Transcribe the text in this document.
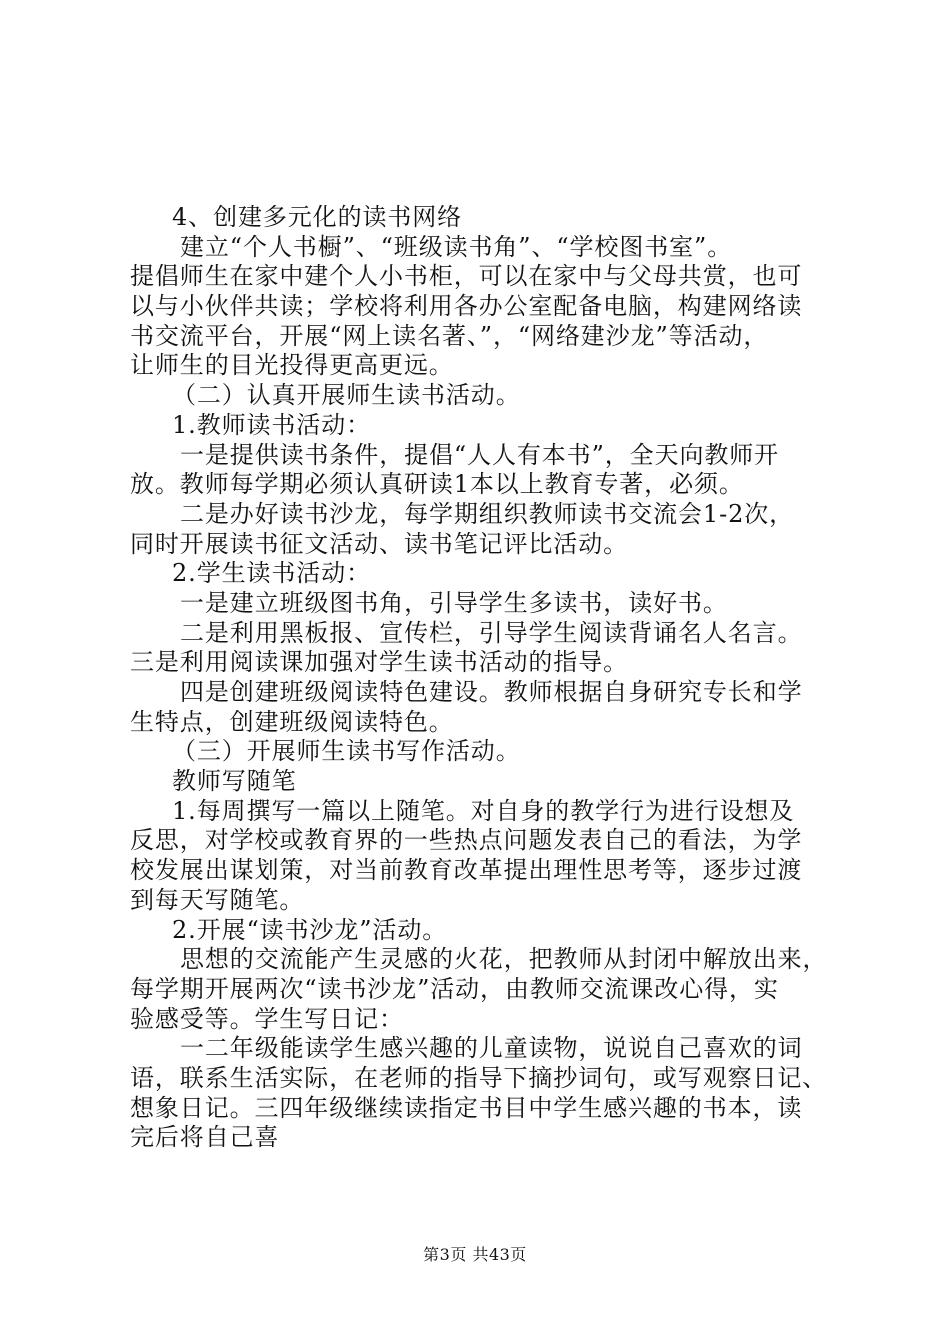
4、创建多元化的读书网络
建立“个人书橱”、“班级读书角”、“学校图书室”。
提倡师生在家中建个人小书柜，可以在家中与父母共赏，也可
以与小伙伴共读；学校将利用各办公室配备电脑，构建网络读
书交流平台，开展“网上读名著、”，“网络建沙龙”等活动，
让师生的目光投得更高更远。
（二）认真开展师生读书活动。
1.教师读书活动：
一是提供读书条件，提倡“人人有本书”，全天向教师开
放。教师每学期必须认真研读1本以上教育专著，必须。
二是办好读书沙龙，每学期组织教师读书交流会1-2次，
同时开展读书征文活动、读书笔记评比活动。
2.学生读书活动：
一是建立班级图书角，引导学生多读书，读好书。
二是利用黑板报、宣传栏，引导学生阅读背诵名人名言。
三是利用阅读课加强对学生读书活动的指导。
四是创建班级阅读特色建设。教师根据自身研究专长和学
生特点，创建班级阅读特色。
（三）开展师生读书写作活动。
教师写随笔
1.每周撰写一篇以上随笔。对自身的教学行为进行设想及
反思，对学校或教育界的一些热点问题发表自己的看法，为学
校发展出谋划策，对当前教育改革提出理性思考等，逐步过渡
到每天写随笔。
2.开展“读书沙龙”活动。
思想的交流能产生灵感的火花，把教师从封闭中解放出来，
每学期开展两次“读书沙龙”活动，由教师交流课改心得，实
验感受等。学生写日记：
一二年级能读学生感兴趣的儿童读物，说说自己喜欢的词
语，联系生活实际，在老师的指导下摘抄词句，或写观察日记、
想象日记。三四年级继续读指定书目中学生感兴趣的书本，读
完后将自己喜
第3页 共43页
